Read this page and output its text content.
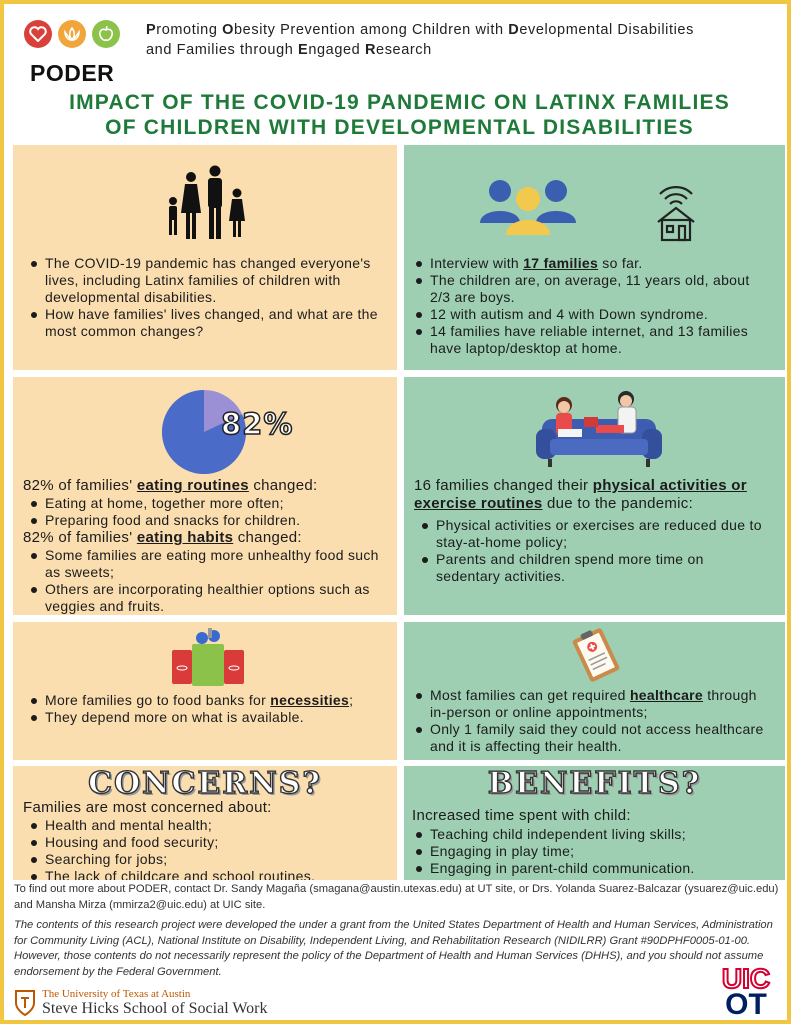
PODER
Promoting Obesity Prevention among Children with Developmental Disabilities
and Families through Engaged Research
IMPACT OF THE COVID-19 PANDEMIC ON LATINX FAMILIES
OF CHILDREN WITH DEVELOPMENTAL DISABILITIES
The COVID-19 pandemic has changed everyone's lives, including Latinx families of children with developmental disabilities.
How have families' lives changed, and what are the most common changes?
Interview with 17 families so far.
The children are, on average, 11 years old, about 2/3 are boys.
12 with autism and 4 with Down syndrome.
14 families have reliable internet, and 13 families have laptop/desktop at home.
82%
82% of families' eating routines changed:
Eating at home, together more often;
Preparing food and snacks for children.
82% of families' eating habits changed:
Some families are eating more unhealthy food such as sweets;
Others are incorporating healthier options such as veggies and fruits.
16 families changed their physical activities or exercise routines due to the pandemic:
Physical activities or exercises are reduced due to stay-at-home policy;
Parents and children spend more time on sedentary activities.
More families go to food banks for necessities;
They depend more on what is available.
Most families can get required healthcare through in-person or online appointments;
Only 1 family said they could not access healthcare and it is affecting their health.
CONCERNS?
Families are most concerned about:
Health and mental health;
Housing and food security;
Searching for jobs;
The lack of childcare and school routines.
BENEFITS?
Increased time spent with child:
Teaching child independent living skills;
Engaging in play time;
Engaging in parent-child communication.
To find out more about PODER, contact Dr. Sandy Magaña (smagana@austin.utexas.edu) at UT site, or Drs. Yolanda Suarez-Balcazar (ysuarez@uic.edu) and Mansha Mirza (mmirza2@uic.edu) at UIC site.
The contents of this research project were developed the under a grant from the United States Department of Health and Human Services, Administration for Community Living (ACL), National Institute on Disability, Independent Living, and Rehabilitation Research (NIDILRR) Grant #90DPHF0005-01-00. However, those contents do not necessarily represent the policy of the Department of Health and Human Services (DHHS), and you should not assume endorsement by the Federal Government.
The University of Texas at Austin
Steve Hicks School of Social Work
UIC
OT
